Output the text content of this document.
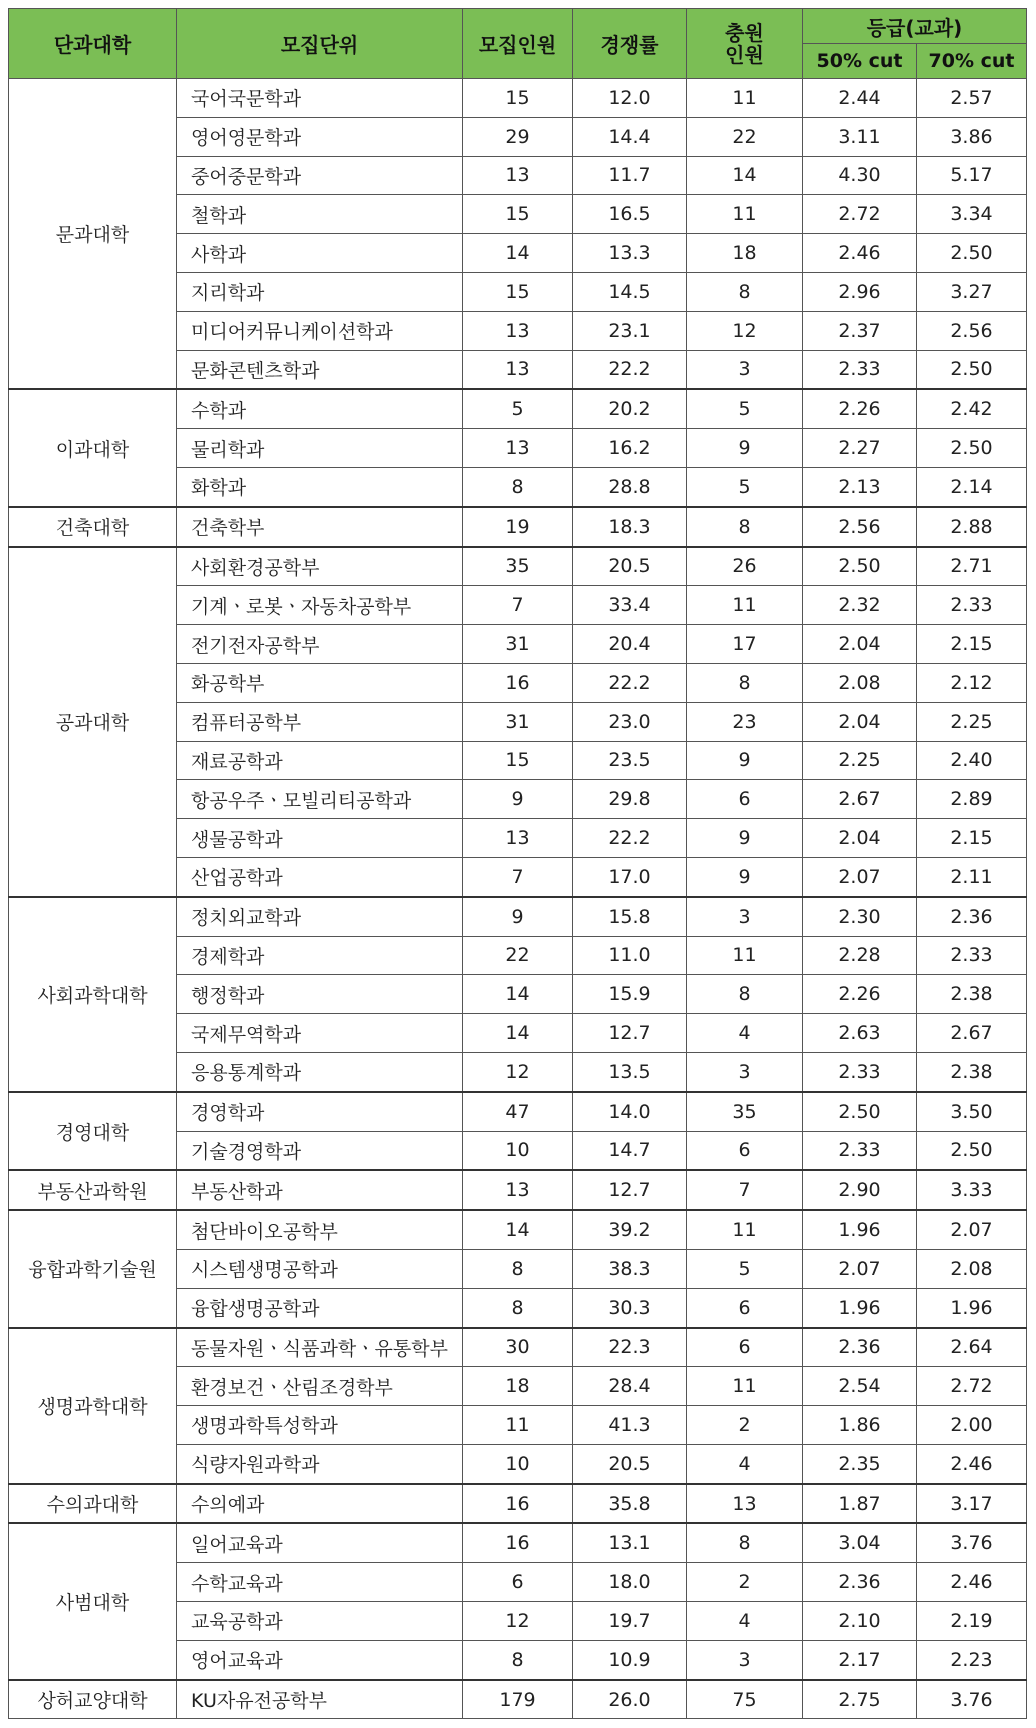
단과대학	모집단위	모집인원	경쟁률	충원
인원	등급(교과)	
					50% cut	70% cut
문과대학	국어국문학과	15	12.0	11	2.44	2.57
	영어영문학과	29	14.4	22	3.11	3.86
	중어중문학과	13	11.7	14	4.30	5.17
	철학과	15	16.5	11	2.72	3.34
	사학과	14	13.3	18	2.46	2.50
	지리학과	15	14.5	8	2.96	3.27
	미디어커뮤니케이션학과	13	23.1	12	2.37	2.56
	문화콘텐츠학과	13	22.2	3	2.33	2.50
이과대학	수학과	5	20.2	5	2.26	2.42
	물리학과	13	16.2	9	2.27	2.50
	화학과	8	28.8	5	2.13	2.14
건축대학	건축학부	19	18.3	8	2.56	2.88
공과대학	사회환경공학부	35	20.5	26	2.50	2.71
	기계ㆍ로봇ㆍ자동차공학부	7	33.4	11	2.32	2.33
	전기전자공학부	31	20.4	17	2.04	2.15
	화공학부	16	22.2	8	2.08	2.12
	컴퓨터공학부	31	23.0	23	2.04	2.25
	재료공학과	15	23.5	9	2.25	2.40
	항공우주ㆍ모빌리티공학과	9	29.8	6	2.67	2.89
	생물공학과	13	22.2	9	2.04	2.15
	산업공학과	7	17.0	9	2.07	2.11
사회과학대학	정치외교학과	9	15.8	3	2.30	2.36
	경제학과	22	11.0	11	2.28	2.33
	행정학과	14	15.9	8	2.26	2.38
	국제무역학과	14	12.7	4	2.63	2.67
	응용통계학과	12	13.5	3	2.33	2.38
경영대학	경영학과	47	14.0	35	2.50	3.50
	기술경영학과	10	14.7	6	2.33	2.50
부동산과학원	부동산학과	13	12.7	7	2.90	3.33
융합과학기술원	첨단바이오공학부	14	39.2	11	1.96	2.07
	시스템생명공학과	8	38.3	5	2.07	2.08
	융합생명공학과	8	30.3	6	1.96	1.96
생명과학대학	동물자원ㆍ식품과학ㆍ유통학부	30	22.3	6	2.36	2.64
	환경보건ㆍ산림조경학부	18	28.4	11	2.54	2.72
	생명과학특성학과	11	41.3	2	1.86	2.00
	식량자원과학과	10	20.5	4	2.35	2.46
수의과대학	수의예과	16	35.8	13	1.87	3.17
사범대학	일어교육과	16	13.1	8	3.04	3.76
	수학교육과	6	18.0	2	2.36	2.46
	교육공학과	12	19.7	4	2.10	2.19
	영어교육과	8	10.9	3	2.17	2.23
상허교양대학	KU자유전공학부	179	26.0	75	2.75	3.76
